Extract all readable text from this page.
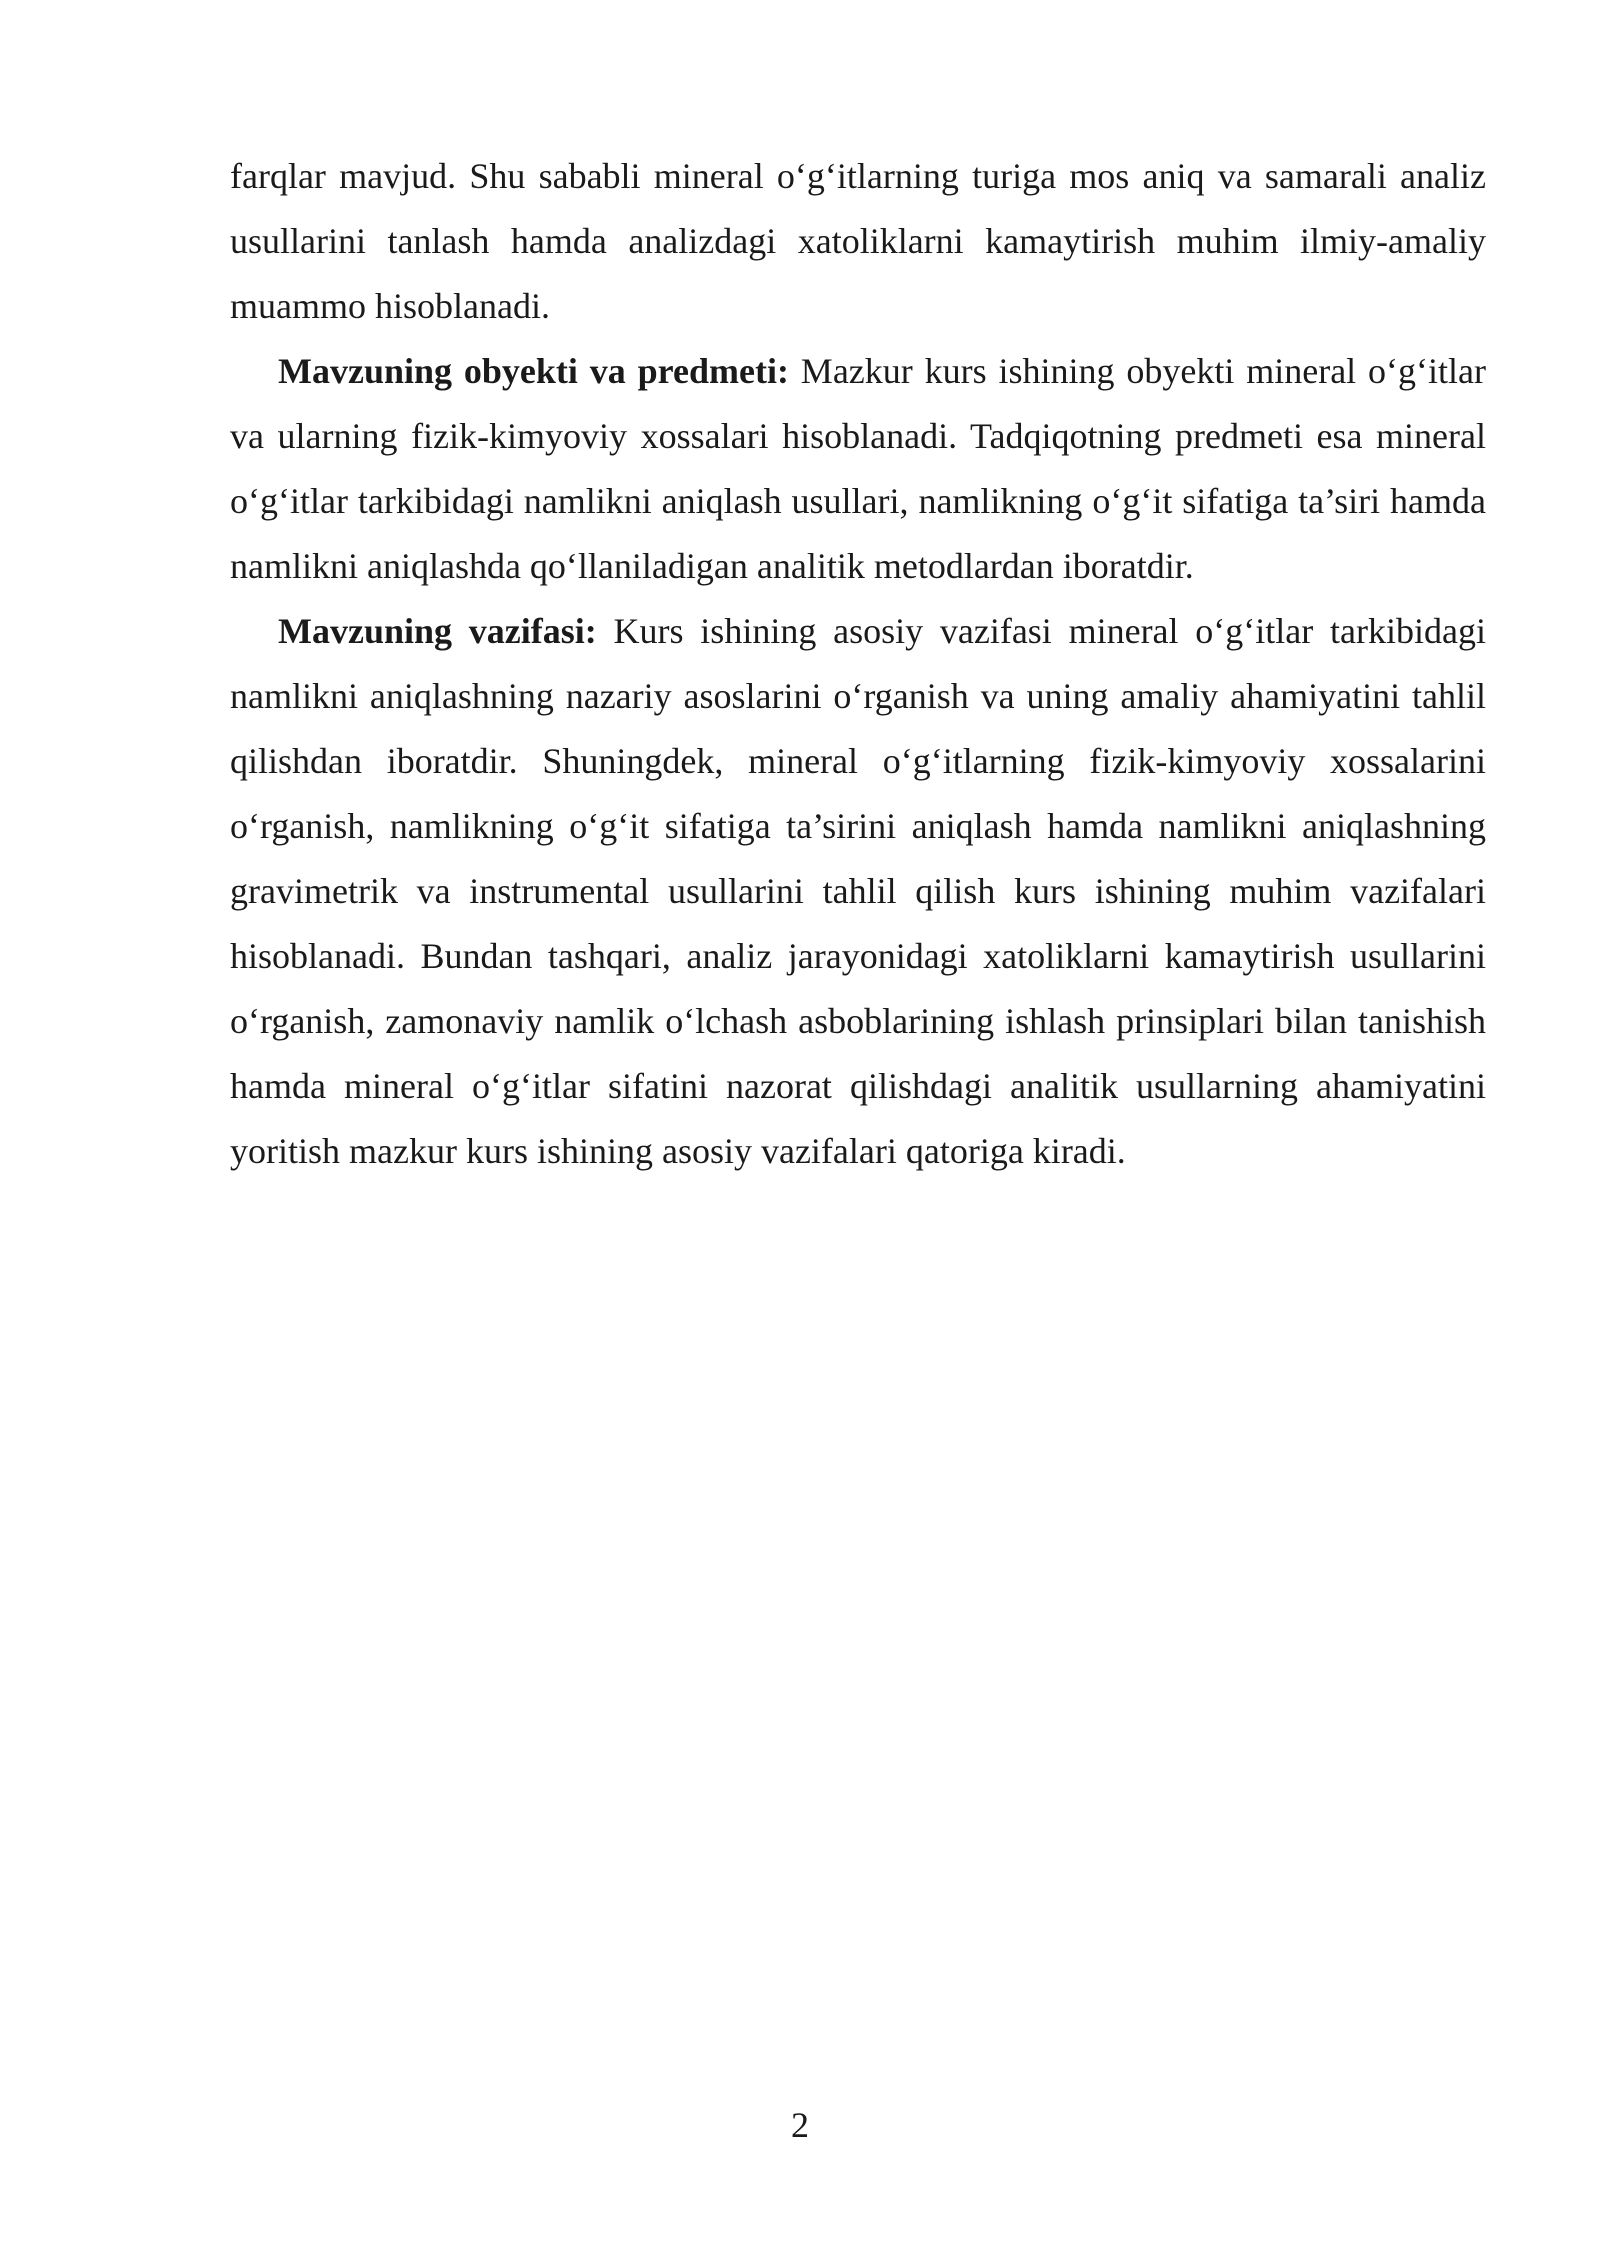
farqlar mavjud. Shu sababli mineral o‘g‘itlarning turiga mos aniq va samarali analiz usullarini tanlash hamda analizdagi xatoliklarni kamaytirish muhim ilmiy-amaliy muammo hisoblanadi.

Mavzuning obyekti va predmeti: Mazkur kurs ishining obyekti mineral o‘g‘itlar va ularning fizik-kimyoviy xossalari hisoblanadi. Tadqiqotning predmeti esa mineral o‘g‘itlar tarkibidagi namlikni aniqlash usullari, namlikning o‘g‘it sifatiga ta’siri hamda namlikni aniqlashda qo‘llaniladigan analitik metodlardan iboratdir.

Mavzuning vazifasi: Kurs ishining asosiy vazifasi mineral o‘g‘itlar tarkibidagi namlikni aniqlashning nazariy asoslarini o‘rganish va uning amaliy ahamiyatini tahlil qilishdan iboratdir. Shuningdek, mineral o‘g‘itlarning fizik-kimyoviy xossalarini o‘rganish, namlikning o‘g‘it sifatiga ta’sirini aniqlash hamda namlikni aniqlashning gravimetrik va instrumental usullarini tahlil qilish kurs ishining muhim vazifalari hisoblanadi. Bundan tashqari, analiz jarayonidagi xatoliklarni kamaytirish usullarini o‘rganish, zamonaviy namlik o‘lchash asboblarining ishlash prinsiplari bilan tanishish hamda mineral o‘g‘itlar sifatini nazorat qilishdagi analitik usullarning ahamiyatini yoritish mazkur kurs ishining asosiy vazifalari qatoriga kiradi.

2
